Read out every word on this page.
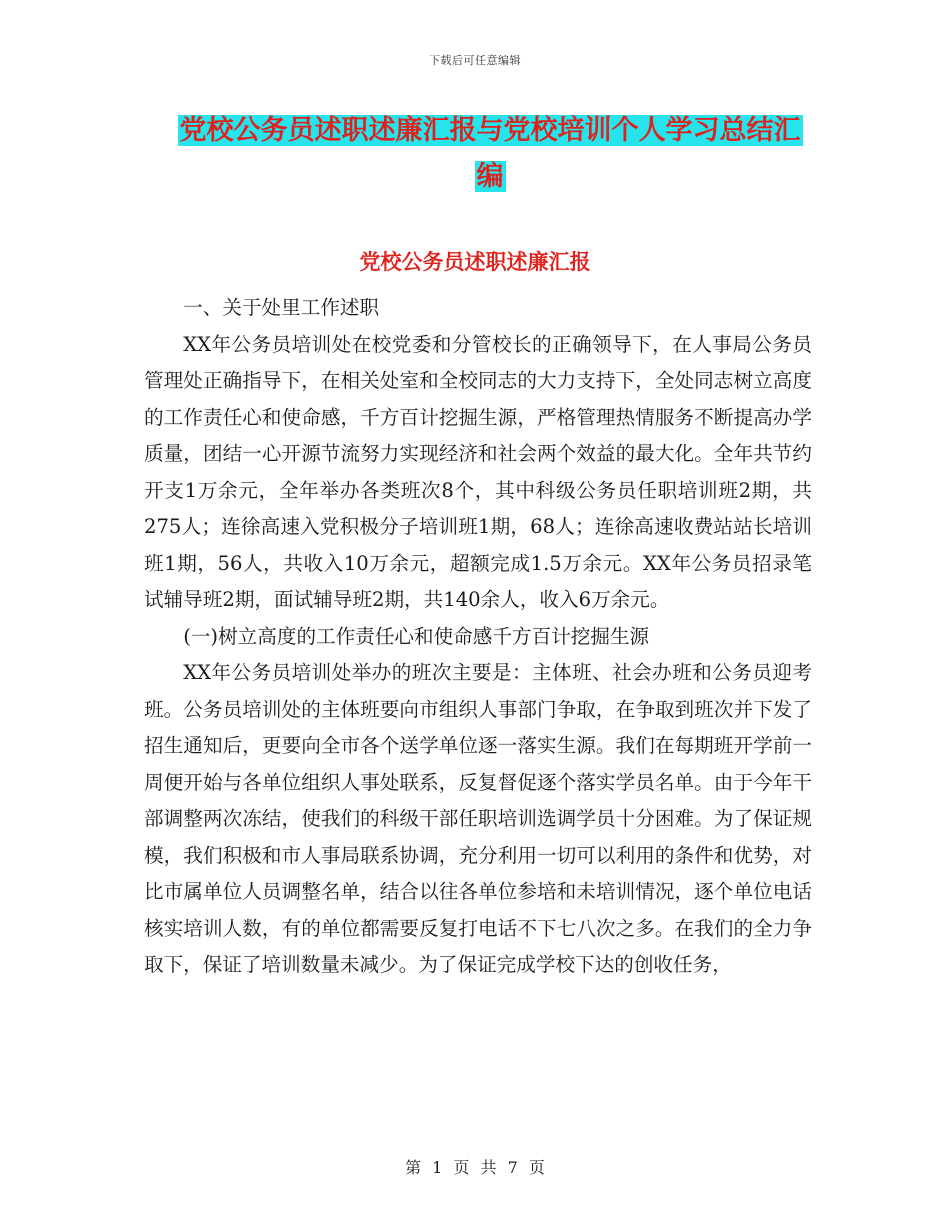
下载后可任意编辑
党校公务员述职述廉汇报与党校培训个人学习总结汇
编
党校公务员述职述廉汇报

一、关于处里工作述职

XX年公务员培训处在校党委和分管校长的正确领导下，在人事局公务员管理处正确指导下，在相关处室和全校同志的大力支持下，全处同志树立高度的工作责任心和使命感，千方百计挖掘生源，严格管理热情服务不断提高办学质量，团结一心开源节流努力实现经济和社会两个效益的最大化。全年共节约开支1万余元，全年举办各类班次8个，其中科级公务员任职培训班2期，共275人；连徐高速入党积极分子培训班1期，68人；连徐高速收费站站长培训班1期，56人，共收入10万余元，超额完成1.5万余元。XX年公务员招录笔试辅导班2期，面试辅导班2期，共140余人，收入6万余元。

(一)树立高度的工作责任心和使命感千方百计挖掘生源

XX年公务员培训处举办的班次主要是：主体班、社会办班和公务员迎考班。公务员培训处的主体班要向市组织人事部门争取，在争取到班次并下发了招生通知后，更要向全市各个送学单位逐一落实生源。我们在每期班开学前一周便开始与各单位组织人事处联系，反复督促逐个落实学员名单。由于今年干部调整两次冻结，使我们的科级干部任职培训选调学员十分困难。为了保证规模，我们积极和市人事局联系协调，充分利用一切可以利用的条件和优势，对比市属单位人员调整名单，结合以往各单位参培和未培训情况，逐个单位电话核实培训人数，有的单位都需要反复打电话不下七八次之多。在我们的全力争取下，保证了培训数量未减少。为了保证完成学校下达的创收任务，

第 1 页 共 7 页
